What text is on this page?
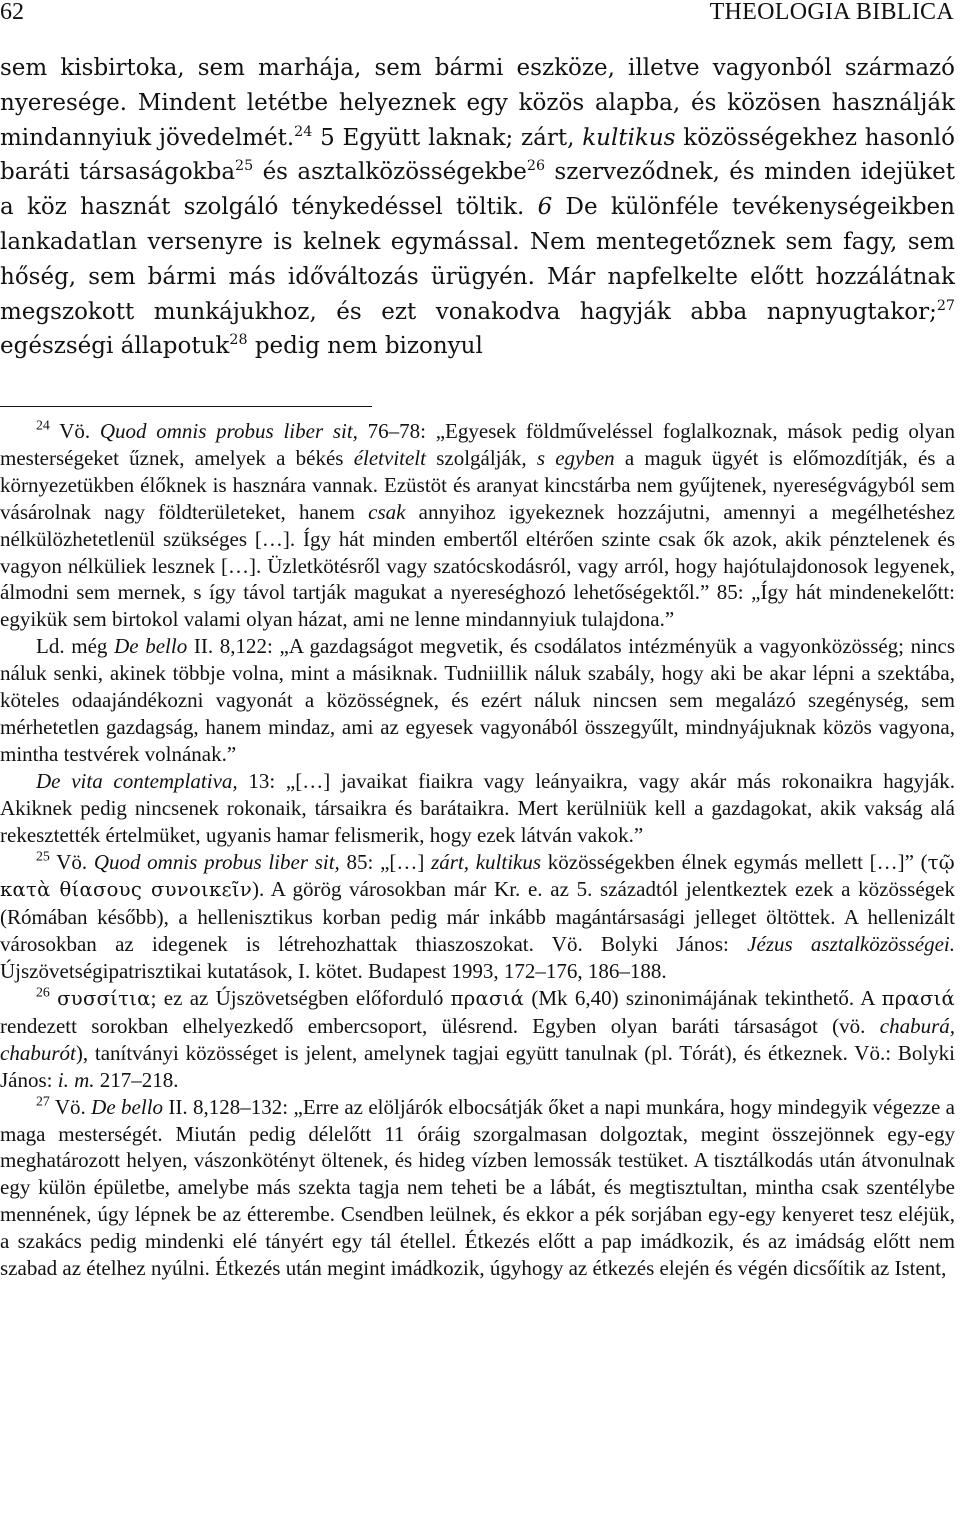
62	THEOLOGIA BIBLICA

sem kisbirtoka, sem marhája, sem bármi eszköze, illetve vagyonból származó nyeresége. Mindent letétbe helyeznek egy közös alapba, és közösen használják mindannyiuk jövedelmét.$^{24}$ 5 Együtt laknak; zárt, kultikus közösségekhez hasonló baráti társaságokba$^{25}$ és asztalközösségekbe$^{26}$ szerveződnek, és minden idejüket a köz hasznát szolgáló ténykedéssel töltik. 6 De különféle tevékenységeikben lankadatlan versenyre is kelnek egymással. Nem mentegetőznek sem fagy, sem hőség, sem bármi más időváltozás ürügyén. Már napfelkelte előtt hozzálátnak megszokott munkájukhoz, és ezt vonakodva hagyják abba napnyugtakor;$^{27}$ egészségi állapotuk$^{28}$ pedig nem bizonyul

$^{24}$ Vö. Quod omnis probus liber sit, 76–78: „Egyesek földműveléssel foglalkoznak, mások pedig olyan mesterségeket űznek, amelyek a békés életvitelt szolgálják, s egyben a maguk ügyét is előmozdítják, és a környezetükben élőknek is hasznára vannak. Ezüstöt és aranyat kincstárba nem gyűjtenek, nyereségvágyból sem vásárolnak nagy földterületeket, hanem csak annyihoz igyekeznek hozzájutni, amennyi a megélhetéshez nélkülözhetetlenül szükséges […]. Így hát minden embertől eltérően szinte csak ők azok, akik pénztelenek és vagyon nélküliek lesznek […]. Üzletkötésről vagy szatócskodásról, vagy arról, hogy hajótulajdonosok legyenek, álmodni sem mernek, s így távol tartják magukat a nyereséghozó lehetőségektől.” 85: „Így hát mindenekelőtt: egyikük sem birtokol valami olyan házat, ami ne lenne mindannyiuk tulajdona.”

Ld. még De bello II. 8,122: „A gazdagságot megvetik, és csodálatos intézményük a vagyonközösség; nincs náluk senki, akinek többje volna, mint a másiknak. Tudniillik náluk szabály, hogy aki be akar lépni a szektába, köteles odaajándékozni vagyonát a közösségnek, és ezért náluk nincsen sem megalázó szegénység, sem mérhetetlen gazdagság, hanem mindaz, ami az egyesek vagyonából összegyűlt, mindnyájuknak közös vagyona, mintha testvérek volnának.”

De vita contemplativa, 13: „[…] javaikat fiaikra vagy leányaikra, vagy akár más rokonaikra hagyják. Akiknek pedig nincsenek rokonaik, társaikra és barátaikra. Mert kerülniük kell a gazdagokat, akik vakság alá rekesztették értelmüket, ugyanis hamar felismerik, hogy ezek látván vakok.”

$^{25}$ Vö. Quod omnis probus liber sit, 85: „[…] zárt, kultikus közösségekben élnek egymás mellett […]” (τῷ κατὰ θίασους συνοικεῖν). A görög városokban már Kr. e. az 5. századtól jelentkeztek ezek a közösségek (Rómában később), a hellenisztikus korban pedig már inkább magántársasági jelleget öltöttek. A hellenizált városokban az idegenek is létrehozhattak thiaszoszokat. Vö. Bolyki János: Jézus asztalközösségei. Újszövetségipatrisztikai kutatások, I. kötet. Budapest 1993, 172–176, 186–188.

$^{26}$ συσσίτια; ez az Újszövetségben előforduló πρασιά (Mk 6,40) szinonimájának tekinthető. A πρασιά rendezett sorokban elhelyezkedő embercsoport, ülésrend. Egyben olyan baráti társaságot (vö. chaburá, chaburót), tanítványi közösséget is jelent, amelynek tagjai együtt tanulnak (pl. Tórát), és étkeznek. Vö.: Bolyki János: i. m. 217–218.

$^{27}$ Vö. De bello II. 8,128–132: „Erre az elöljárók elbocsátják őket a napi munkára, hogy mindegyik végezze a maga mesterségét. Miután pedig délelőtt 11 óráig szorgalmasan dolgoztak, megint összejönnek egy-egy meghatározott helyen, vászonkötényt öltenek, és hideg vízben lemossák testüket. A tisztálkodás után átvonulnak egy külön épületbe, amelybe más szekta tagja nem teheti be a lábát, és megtisztultan, mintha csak szentélybe mennének, úgy lépnek be az étterembe. Csendben leülnek, és ekkor a pék sorjában egy-egy kenyeret tesz eléjük, a szakács pedig mindenki elé tányért egy tál étellel. Étkezés előtt a pap imádkozik, és az imádság előtt nem szabad az ételhez nyúlni. Étkezés után megint imádkozik, úgyhogy az étkezés elején és végén dicsőítik az Istent,
